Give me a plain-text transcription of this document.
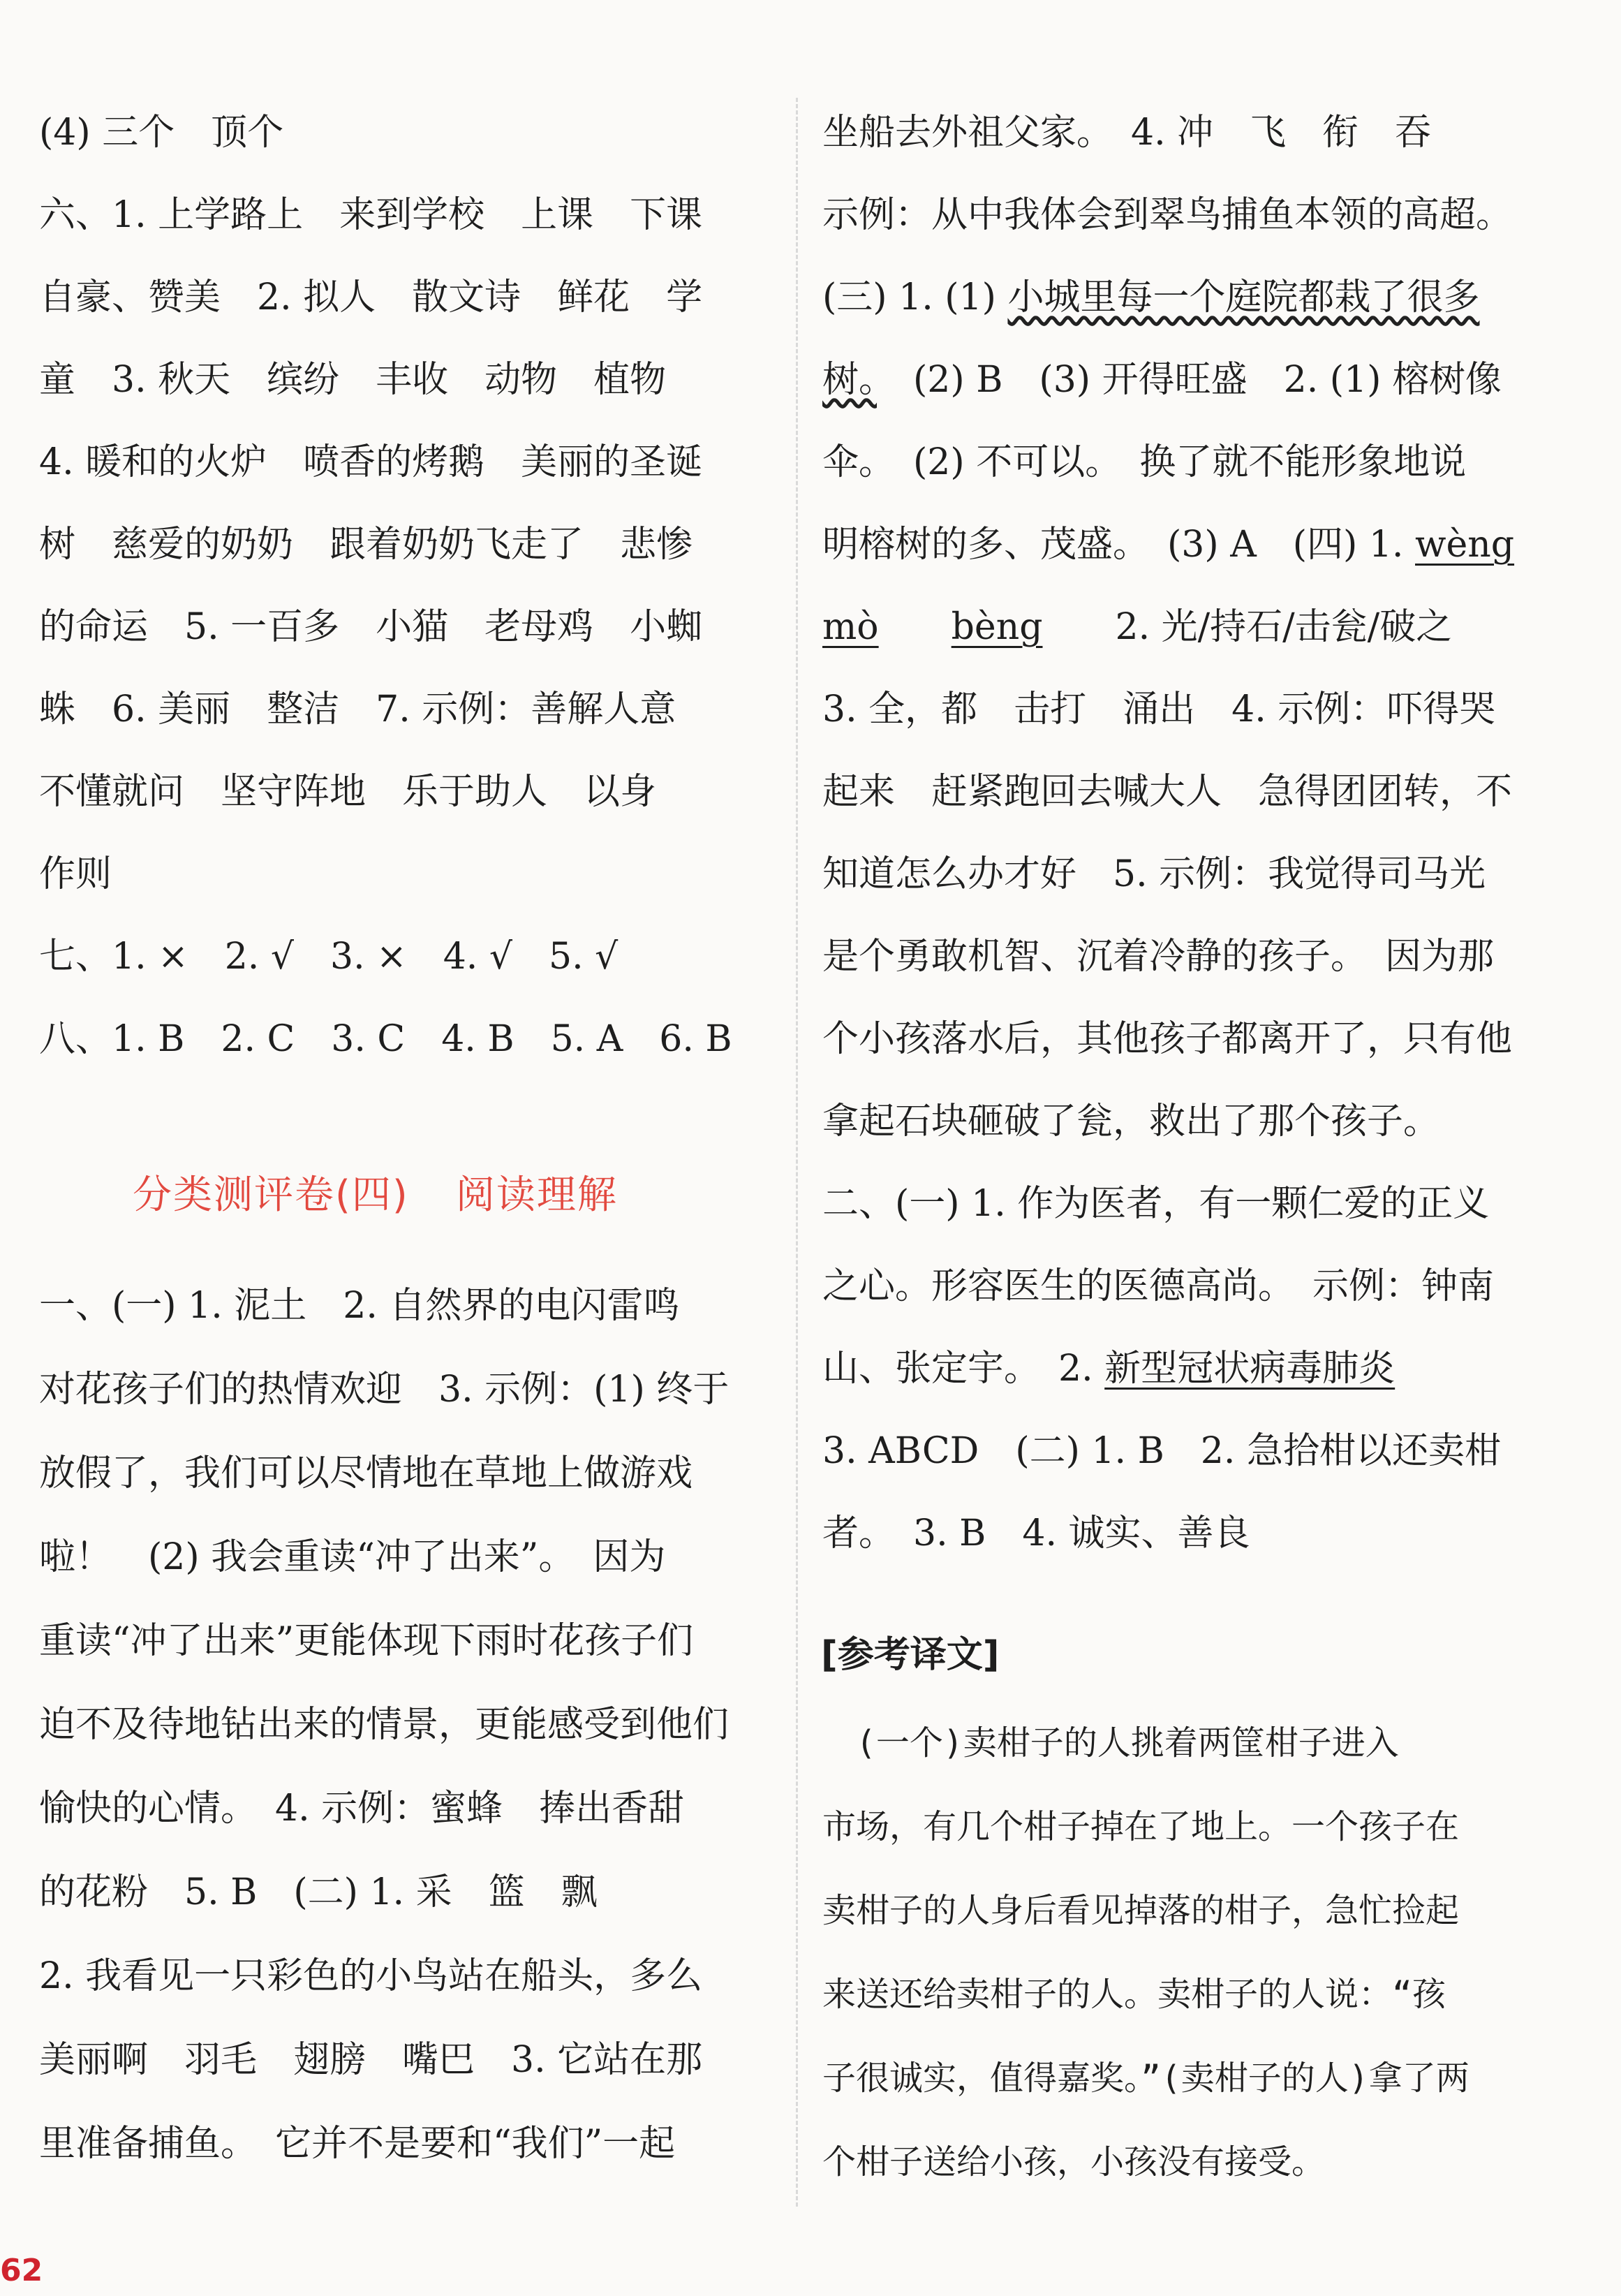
(4) 三个　顶个
六、1. 上学路上　来到学校　上课　下课
自豪、赞美　2. 拟人　散文诗　鲜花　学
童　3. 秋天　缤纷　丰收　动物　植物
4. 暖和的火炉　喷香的烤鹅　美丽的圣诞
树　慈爱的奶奶　跟着奶奶飞走了　悲惨
的命运　5. 一百多　小猫　老母鸡　小蜘
蛛　6. 美丽　整洁　7. 示例：善解人意
不懂就问　坚守阵地　乐于助人　以身
作则
七、1. ×　2. √　3. ×　4. √　5. √
八、1. B　2. C　3. C　4. B　5. A　6. B
一、(一) 1. 泥土　2. 自然界的电闪雷鸣
对花孩子们的热情欢迎　3. 示例：(1) 终于
放假了，我们可以尽情地在草地上做游戏
啦！　(2) 我会重读“冲了出来”。　因为
重读“冲了出来”更能体现下雨时花孩子们
迫不及待地钻出来的情景，更能感受到他们
愉快的心情。　4. 示例：蜜蜂　捧出香甜
的花粉　5. B　(二) 1. 采　篮　飘
2. 我看见一只彩色的小鸟站在船头，多么
美丽啊　羽毛　翅膀　嘴巴　3. 它站在那
里准备捕鱼。　它并不是要和“我们”一起
分类测评卷(四) 阅读理解
坐船去外祖父家。　4. 冲　飞　衔　吞
示例：从中我体会到翠鸟捕鱼本领的高超。
(三) 1. (1) 小城里每一个庭院都栽了很多
树。　(2) B　(3) 开得旺盛　2. (1) 榕树像
伞。　(2) 不可以。　换了就不能形象地说
明榕树的多、茂盛。　(3) A　(四) 1. wèng
mò　　 bèng　　 2. 光/持石/击瓮/破之
3. 全，都　击打　涌出　4. 示例：吓得哭
起来　赶紧跑回去喊大人　急得团团转，不
知道怎么办才好　5. 示例：我觉得司马光
是个勇敢机智、沉着冷静的孩子。　因为那
个小孩落水后，其他孩子都离开了，只有他
拿起石块砸破了瓮，救出了那个孩子。
二、(一) 1. 作为医者，有一颗仁爱的正义
之心。形容医生的医德高尚。　示例：钟南
山、张定宇。　2. 新型冠状病毒肺炎
3. ABCD　(二) 1. B　2. 急拾柑以还卖柑
者。　3. B　4. 诚实、善良
　(一个)卖柑子的人挑着两筐柑子进入
市场，有几个柑子掉在了地上。一个孩子在
卖柑子的人身后看见掉落的柑子，急忙捡起
来送还给卖柑子的人。卖柑子的人说：“孩
子很诚实，值得嘉奖。”(卖柑子的人)拿了两
个柑子送给小孩，小孩没有接受。
[参考译文]
62
